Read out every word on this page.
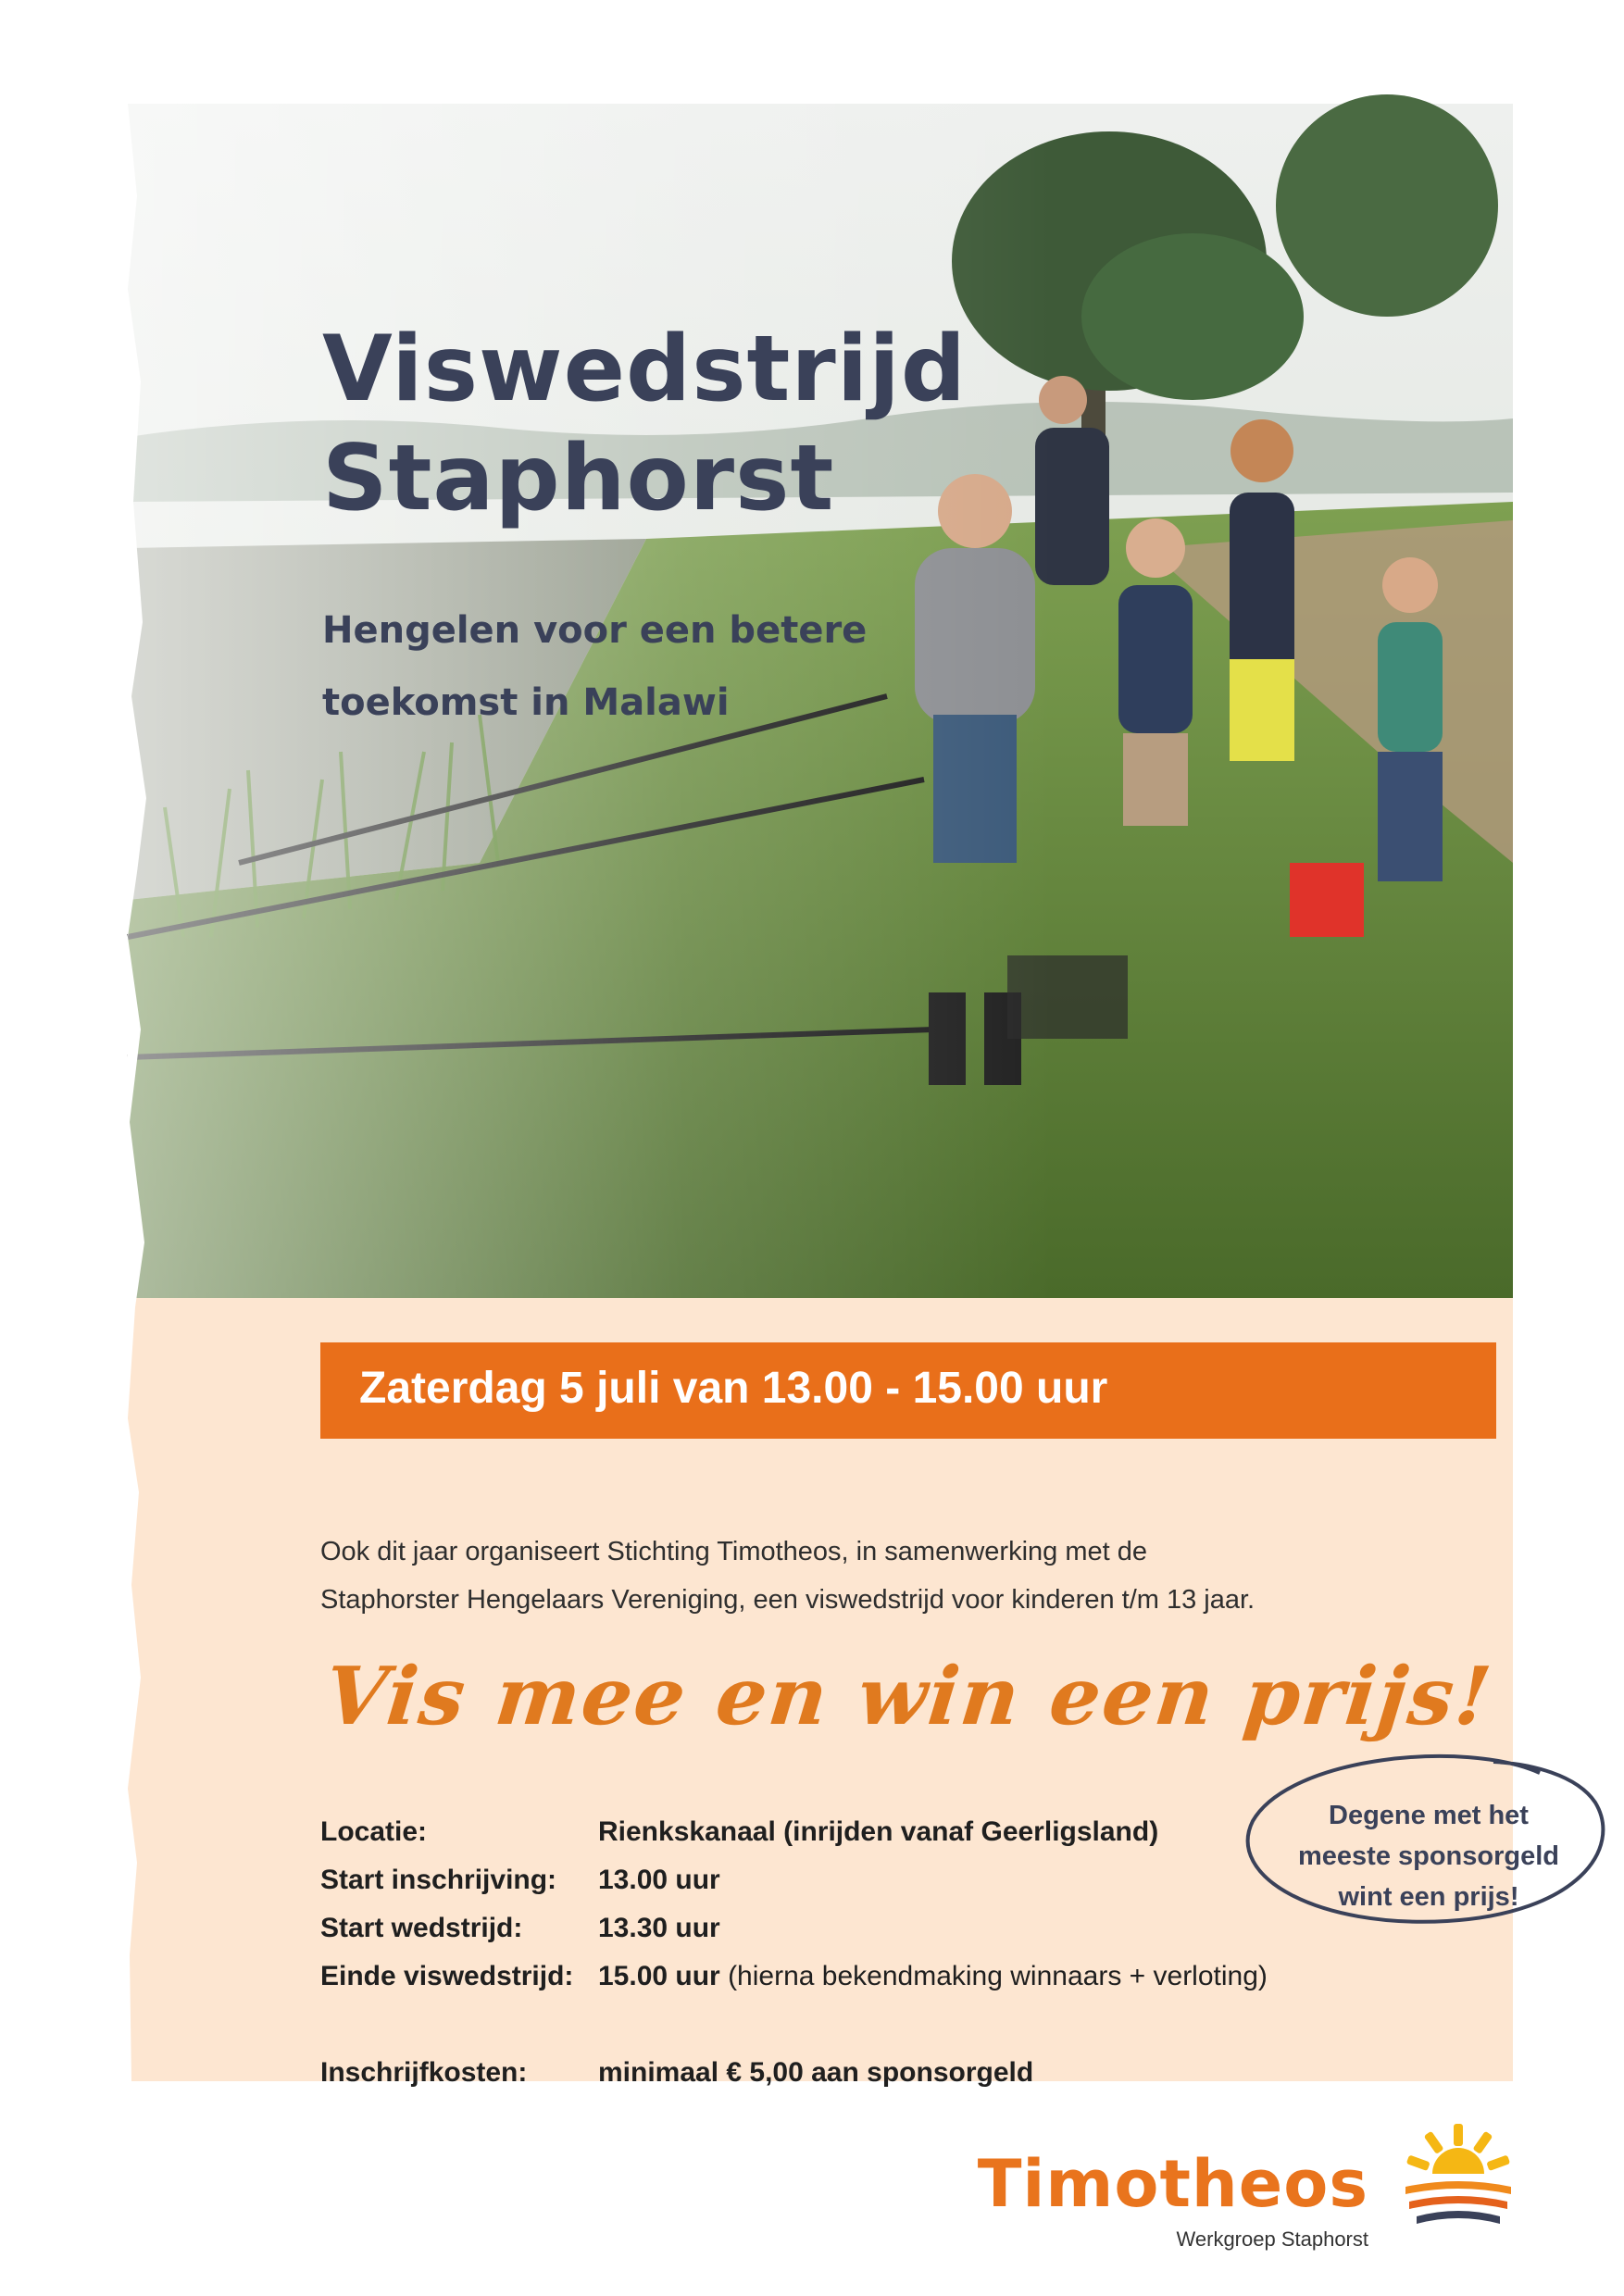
Viswedstrijd
Staphorst
Hengelen voor een betere
toekomst in Malawi
Zaterdag 5 juli van 13.00 - 15.00 uur
Ook dit jaar organiseert Stichting Timotheos, in samenwerking met de
Staphorster Hengelaars Vereniging, een viswedstrijd voor kinderen t/m 13 jaar.
Vis mee en win een prijs!
Locatie:	Rienkskanaal (inrijden vanaf Geerligsland)
Start inschrijving: 13.00 uur
Start wedstrijd:	13.30 uur
Einde viswedstrijd: 15.00 uur (hierna bekendmaking winnaars + verloting)
Inschrijfkosten:	minimaal € 5,00 aan sponsorgeld
Degene met het
meeste sponsorgeld
wint een prijs!
Timotheos
Werkgroep Staphorst
